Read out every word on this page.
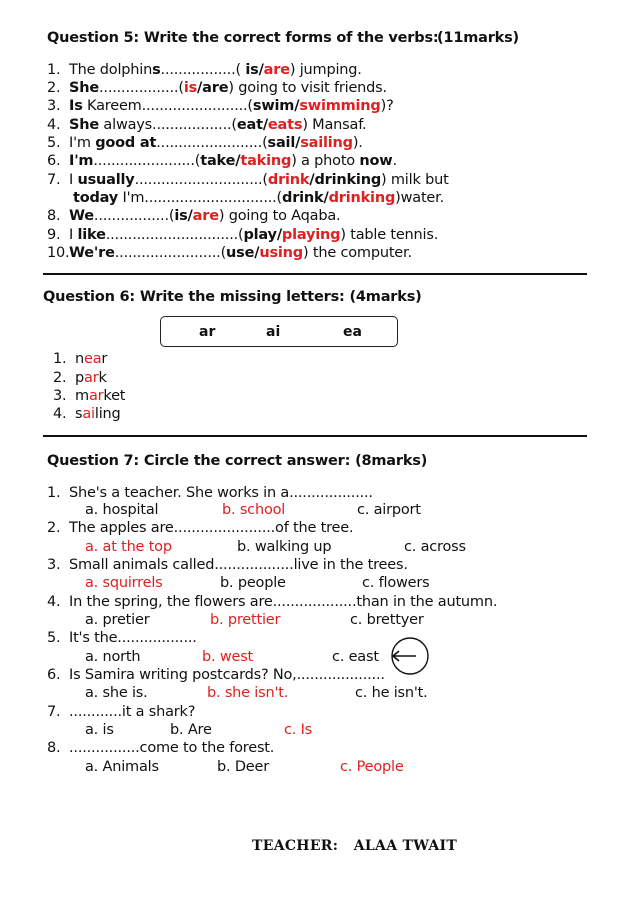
Question 5: Write the correct forms of the verbs:
(11marks)
1. The dolphins.................( is/are) jumping.
2. She..................(is/are) going to visit friends.
3. Is Kareem........................(swim/swimming)?
4. She always..................(eat/eats) Mansaf.
5. I'm good at........................(sail/sailing).
6. I'm.......................(take/taking) a photo now.
7. I usually.............................(drink/drinking) milk but
today I'm..............................(drink/drinking)water.
8. We.................(is/are) going to Aqaba.
9. I like..............................(play/playing) table tennis.
10.We're........................(use/using) the computer.
Question 6: Write the missing letters: (4marks)
ar	ai	ea
1. near
2. park
3. market
4. sailing
Question 7: Circle the correct answer: (8marks)
1. She's a teacher. She works in a...................
a. hospital	b. school	c. airport
2. The apples are.......................of the tree.
a. at the top	b. walking up	c. across
3. Small animals called..................live in the trees.
a. squirrels	b. people	c. flowers
4. In the spring, the flowers are...................than in the autumn.
a. pretier	b. prettier	c. brettyer
5. It's the..................
a. north	b. west	c. east
6. Is Samira writing postcards? No,....................
a. she is.	b. she isn't.	c. he isn't.
7. ............it a shark?
a. is	b. Are	c. Is
8. ................come to the forest.
a. Animals	b. Deer	c. People
TEACHER: ALAA TWAIT
